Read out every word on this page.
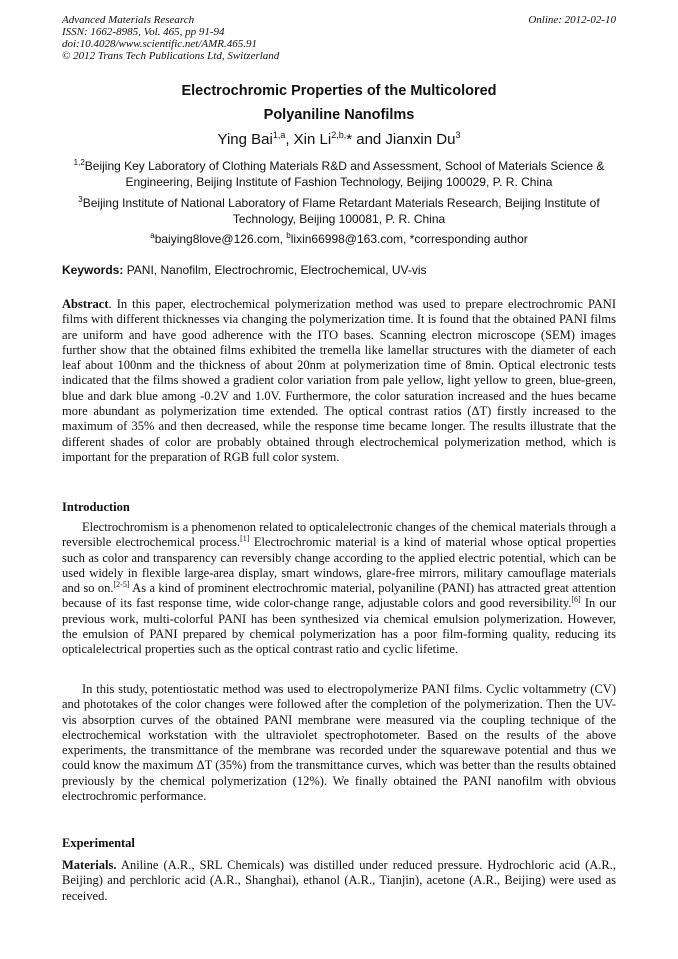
Advanced Materials Research
ISSN: 1662-8985, Vol. 465, pp 91-94
doi:10.4028/www.scientific.net/AMR.465.91
© 2012 Trans Tech Publications Ltd, Switzerland
Online: 2012-02-10
Electrochromic Properties of the Multicolored
Polyaniline Nanofilms
Ying Bai$^{1,a}$, Xin $Li^{2,b,}*$ and Jianxin Du$^3$
$^{1,2}$Beijing Key Laboratory of Clothing Materials R&D and Assessment, School of Materials Science & Engineering, Beijing Institute of Fashion Technology, Beijing 100029, P. R. China
$^3$Beijing Institute of National Laboratory of Flame Retardant Materials Research, Beijing Institute of Technology, Beijing 100081, P. R. China
$^a$baiying8love@126.com, $^b$lixin66998@163.com, *corresponding author
Keywords: PANI, Nanofilm, Electrochromic, Electrochemical, UV-vis
Abstract. In this paper, electrochemical polymerization method was used to prepare electrochromic PANI films with different thicknesses via changing the polymerization time. It is found that the obtained PANI films are uniform and have good adherence with the ITO bases. Scanning electron microscope (SEM) images further show that the obtained films exhibited the tremella like lamellar structures with the diameter of each leaf about 100nm and the thickness of about 20nm at polymerization time of 8min. Optical electronic tests indicated that the films showed a gradient color variation from pale yellow, light yellow to green, blue-green, blue and dark blue among -0.2V and 1.0V. Furthermore, the color saturation increased and the hues became more abundant as polymerization time extended. The optical contrast ratios (ΔT) firstly increased to the maximum of 35% and then decreased, while the response time became longer. The results illustrate that the different shades of color are probably obtained through electrochemical polymerization method, which is important for the preparation of RGB full color system.
Introduction
Electrochromism is a phenomenon related to opticalelectronic changes of the chemical materials through a reversible electrochemical process.[1] Electrochromic material is a kind of material whose optical properties such as color and transparency can reversibly change according to the applied electric potential, which can be used widely in flexible large-area display, smart windows, glare-free mirrors, military camouflage materials and so on.[2-5] As a kind of prominent electrochromic material, polyaniline (PANI) has attracted great attention because of its fast response time, wide color-change range, adjustable colors and good reversibility.[6] In our previous work, multi-colorful PANI has been synthesized via chemical emulsion polymerization. However, the emulsion of PANI prepared by chemical polymerization has a poor film-forming quality, reducing its opticalelectrical properties such as the optical contrast ratio and cyclic lifetime.
In this study, potentiostatic method was used to electropolymerize PANI films. Cyclic voltammetry (CV) and phototakes of the color changes were followed after the completion of the polymerization. Then the UV-vis absorption curves of the obtained PANI membrane were measured via the coupling technique of the electrochemical workstation with the ultraviolet spectrophotometer. Based on the results of the above experiments, the transmittance of the membrane was recorded under the squarewave potential and thus we could know the maximum ΔT (35%) from the transmittance curves, which was better than the results obtained previously by the chemical polymerization (12%). We finally obtained the PANI nanofilm with obvious electrochromic performance.
Experimental
Materials. Aniline (A.R., SRL Chemicals) was distilled under reduced pressure. Hydrochloric acid (A.R., Beijing) and perchloric acid (A.R., Shanghai), ethanol (A.R., Tianjin), acetone (A.R., Beijing) were used as received.
